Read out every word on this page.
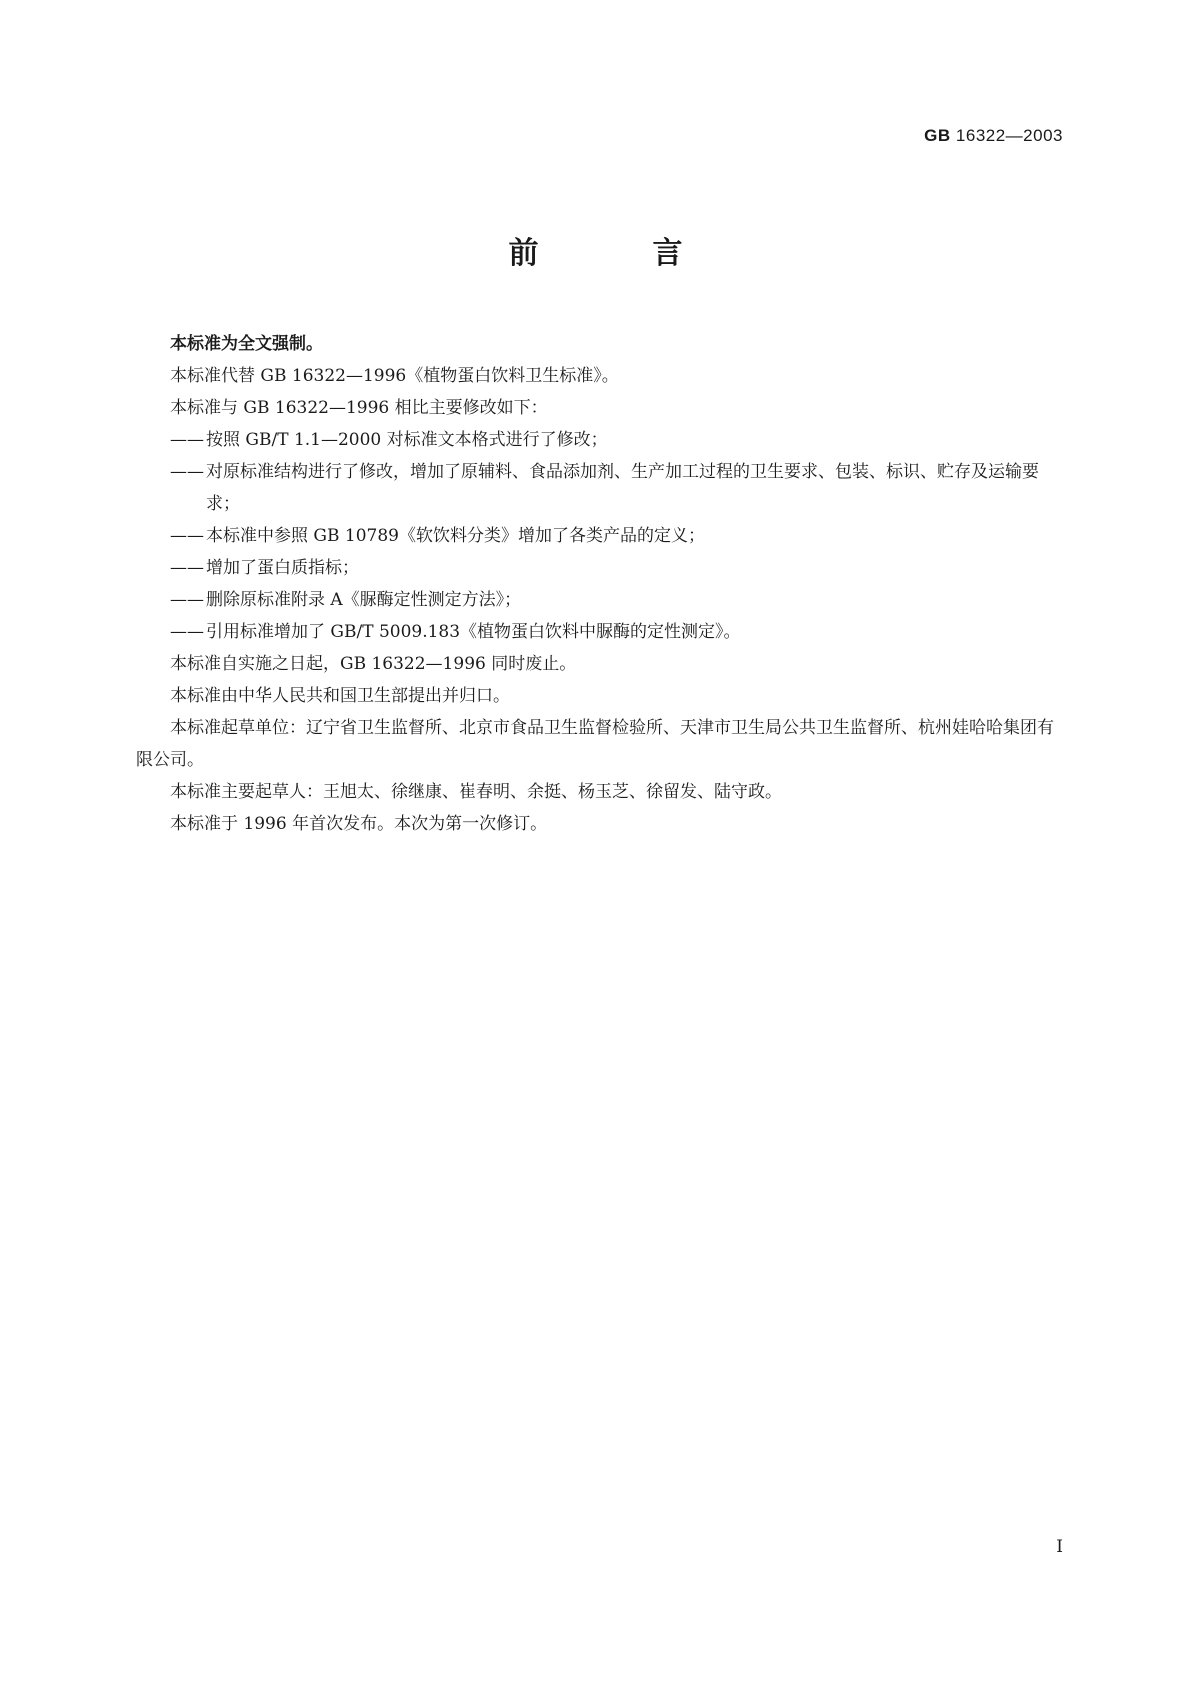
GB 16322—2003
前　言

本标准为全文强制。

本标准代替 GB 16322—1996《植物蛋白饮料卫生标准》。

本标准与 GB 16322—1996 相比主要修改如下：

—— 按照 GB/T 1.1—2000 对标准文本格式进行了修改；

—— 对原标准结构进行了修改，增加了原辅料、食品添加剂、生产加工过程的卫生要求、包装、标识、贮存及运输要求；

—— 本标准中参照 GB 10789《软饮料分类》增加了各类产品的定义；

—— 增加了蛋白质指标；

—— 删除原标准附录 A《脲酶定性测定方法》；

—— 引用标准增加了 GB/T 5009.183《植物蛋白饮料中脲酶的定性测定》。

本标准自实施之日起，GB 16322—1996 同时废止。

本标准由中华人民共和国卫生部提出并归口。

本标准起草单位：辽宁省卫生监督所、北京市食品卫生监督检验所、天津市卫生局公共卫生监督所、杭州娃哈哈集团有限公司。

本标准主要起草人：王旭太、徐继康、崔春明、余挺、杨玉芝、徐留发、陆守政。

本标准于 1996 年首次发布。本次为第一次修订。

I
